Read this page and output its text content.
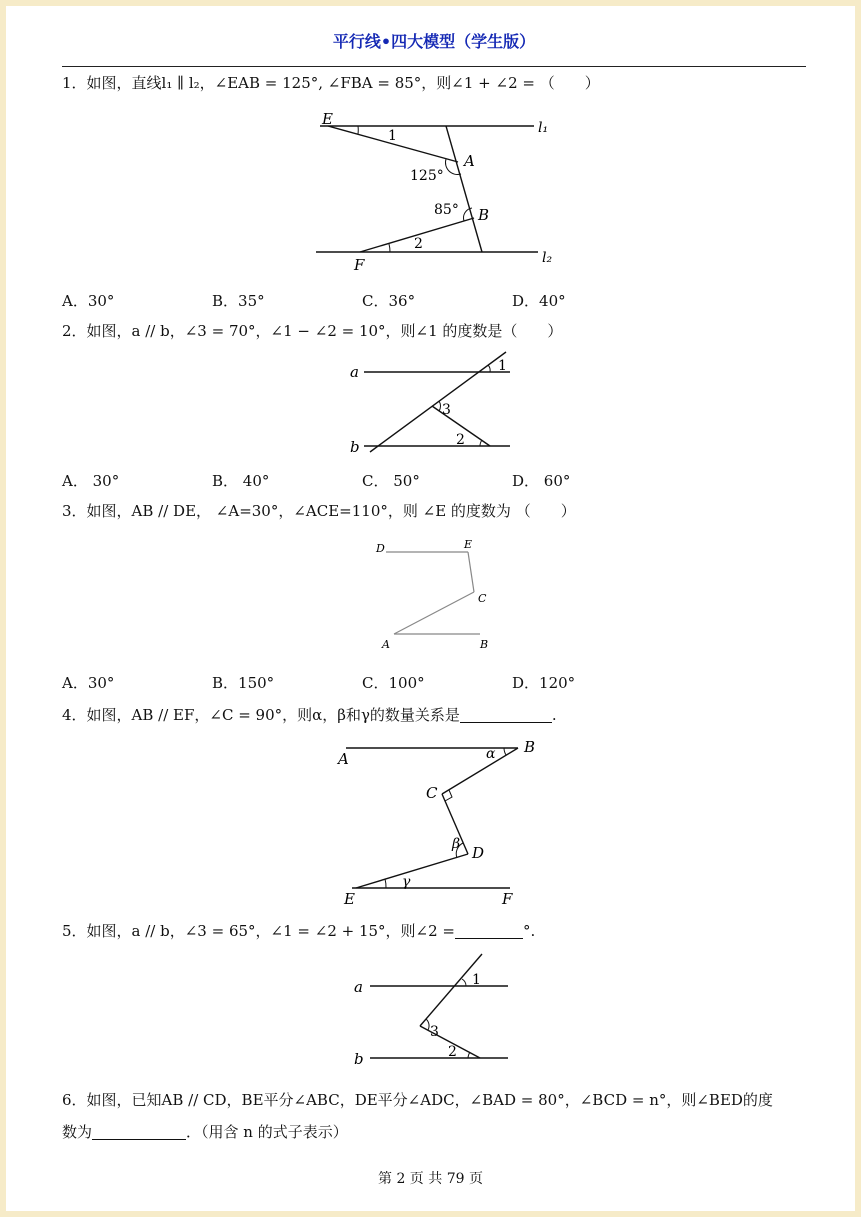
平行线•四大模型（学生版）
1．如图，直线l₁ ∥ l₂，∠EAB = 125°, ∠FBA = 85°，则∠1 + ∠2 = （　　）
E	l₁
1
A
125°
85° B
2
F	l₂
A．30°	B．35°	C．36°	D．40°
2．如图，a // b，∠3 = 70°，∠1 − ∠2 = 10°，则∠1 的度数是（　　）
a
b
1
3
2
A． 30°	B． 40°	C． 50°	D． 60°
3．如图，AB // DE， ∠A=30°，∠ACE=110°，则 ∠E 的度数为 （　　）
D	E
C
A	B
A．30°	B．150°	C．100°	D．120°
4．如图，AB // EF，∠C = 90°，则α，β和γ的数量关系是	.
A	α B
C
β D
γ
E	F
5．如图，a // b，∠3 = 65°，∠1 = ∠2 + 15°，则∠2 =	°.
a
b
1
3
2
6．如图，已知AB // CD，BE平分∠ABC，DE平分∠ADC，∠BAD = 80°，∠BCD = n°，则∠BED的度
数为	．（用含 n 的式子表示）
第 2 页 共 79 页
